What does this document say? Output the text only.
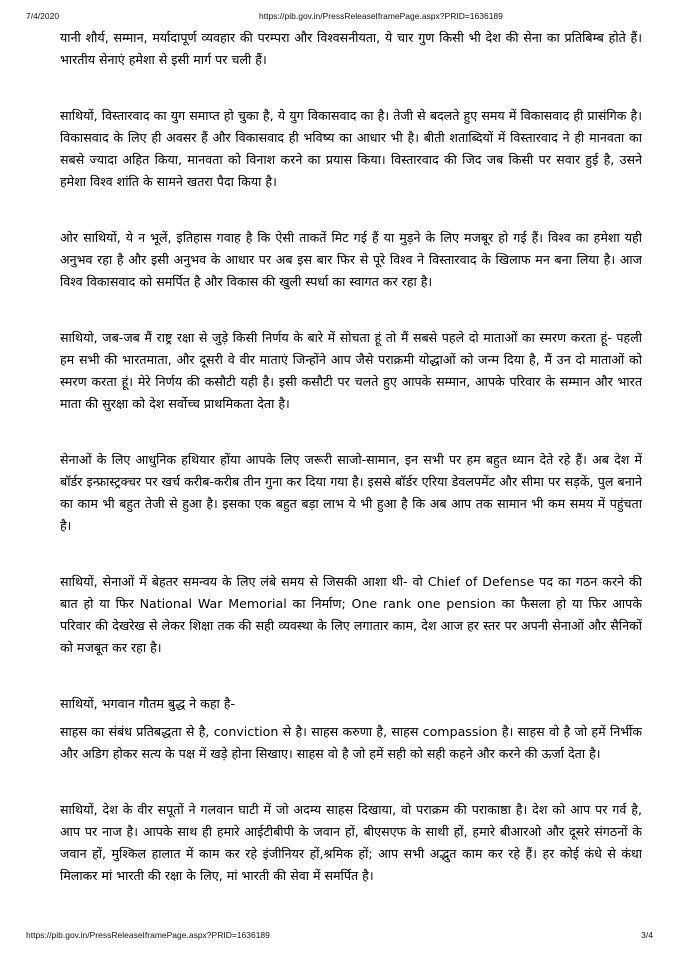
7/4/2020	https://pib.gov.in/PressReleaseIframePage.aspx?PRID=1636189

यानी शौर्य, सम्मान, मर्यादापूर्ण व्यवहार की परम्परा और विश्वसनीयता, ये चार गुण किसी भी देश की सेना का प्रतिबिम्ब होते हैं। भारतीय सेनाएं हमेशा से इसी मार्ग पर चली हैं।

साथियों, विस्तारवाद का युग समाप्त हो चुका है, ये युग विकासवाद का है। तेजी से बदलते हुए समय में विकासवाद ही प्रासंगिक है। विकासवाद के लिए ही अवसर हैं और विकासवाद ही भविष्य का आधार भी है। बीती शताब्दियों में विस्तारवाद ने ही मानवता का सबसे ज्यादा अहित किया, मानवता को विनाश करने का प्रयास किया। विस्तारवाद की जिद जब किसी पर सवार हुई है, उसने हमेशा विश्व शांति के सामने खतरा पैदा किया है।

ओर साथियों, ये न भूलें, इतिहास गवाह है कि ऐसी ताकतें मिट गई हैं या मुड़ने के लिए मजबूर हो गई हैं। विश्व का हमेशा यही अनुभव रहा है और इसी अनुभव के आधार पर अब इस बार फिर से पूरे विश्व ने विस्तारवाद के खिलाफ मन बना लिया है। आज विश्व विकासवाद को समर्पित है और विकास की खुली स्पर्धा का स्वागत कर रहा है।

साथियो, जब-जब मैं राष्ट्र रक्षा से जुड़े किसी निर्णय के बारे में सोचता हूं तो मैं सबसे पहले दो माताओं का स्मरण करता हूं- पहली हम सभी की भारतमाता, और दूसरी वे वीर माताएं जिन्होंने आप जैसे पराक्रमी योद्धाओं को जन्म दिया है, मैं उन दो माताओं को स्मरण करता हूं। मेरे निर्णय की कसौटी यही है। इसी कसौटी पर चलते हुए आपके सम्मान, आपके परिवार के सम्मान और भारत माता की सुरक्षा को देश सर्वोच्च प्राथमिकता देता है।

सेनाओं के लिए आधुनिक हथियार होंया आपके लिए जरूरी साजो-सामान, इन सभी पर हम बहुत ध्यान देते रहे हैं। अब देश में बॉर्डर इन्फ्रास्ट्रक्चर पर खर्च करीब-करीब तीन गुना कर दिया गया है। इससे बॉर्डर एरिया डेवलपमेंट और सीमा पर सड़कें, पुल बनाने का काम भी बहुत तेजी से हुआ है। इसका एक बहुत बड़ा लाभ ये भी हुआ है कि अब आप तक सामान भी कम समय में पहुंचता है।

साथियों, सेनाओं में बेहतर समन्वय के लिए लंबे समय से जिसकी आशा थी- वो Chief of Defense पद का गठन करने की बात हो या फिर National War Memorial का निर्माण; One rank one pension का फैसला हो या फिर आपके परिवार की देखरेख से लेकर शिक्षा तक की सही व्यवस्था के लिए लगातार काम, देश आज हर स्तर पर अपनी सेनाओं और सैनिकों को मजबूत कर रहा है।

साथियों, भगवान गौतम बुद्ध ने कहा है-

साहस का संबंध प्रतिबद्धता से है, conviction से है। साहस करुणा है, साहस compassion है। साहस वो है जो हमें निर्भीक और अडिग होकर सत्य के पक्ष में खड़े होना सिखाए। साहस वो है जो हमें सही को सही कहने और करने की ऊर्जा देता है।

साथियों, देश के वीर सपूतों ने गलवान घाटी में जो अदम्य साहस दिखाया, वो पराक्रम की पराकाष्ठा है। देश को आप पर गर्व है, आप पर नाज है। आपके साथ ही हमारे आईटीबीपी के जवान हों, बीएसएफ के साथी हों, हमारे बीआरओ और दूसरे संगठनों के जवान हों, मुश्किल हालात में काम कर रहे इंजीनियर हों,श्रमिक हों; आप सभी अद्भुत काम कर रहे हैं। हर कोई कंधे से कंधा मिलाकर मां भारती की रक्षा के लिए, मां भारती की सेवा में समर्पित है।

https://pib.gov.in/PressReleaseIframePage.aspx?PRID=1636189	3/4
